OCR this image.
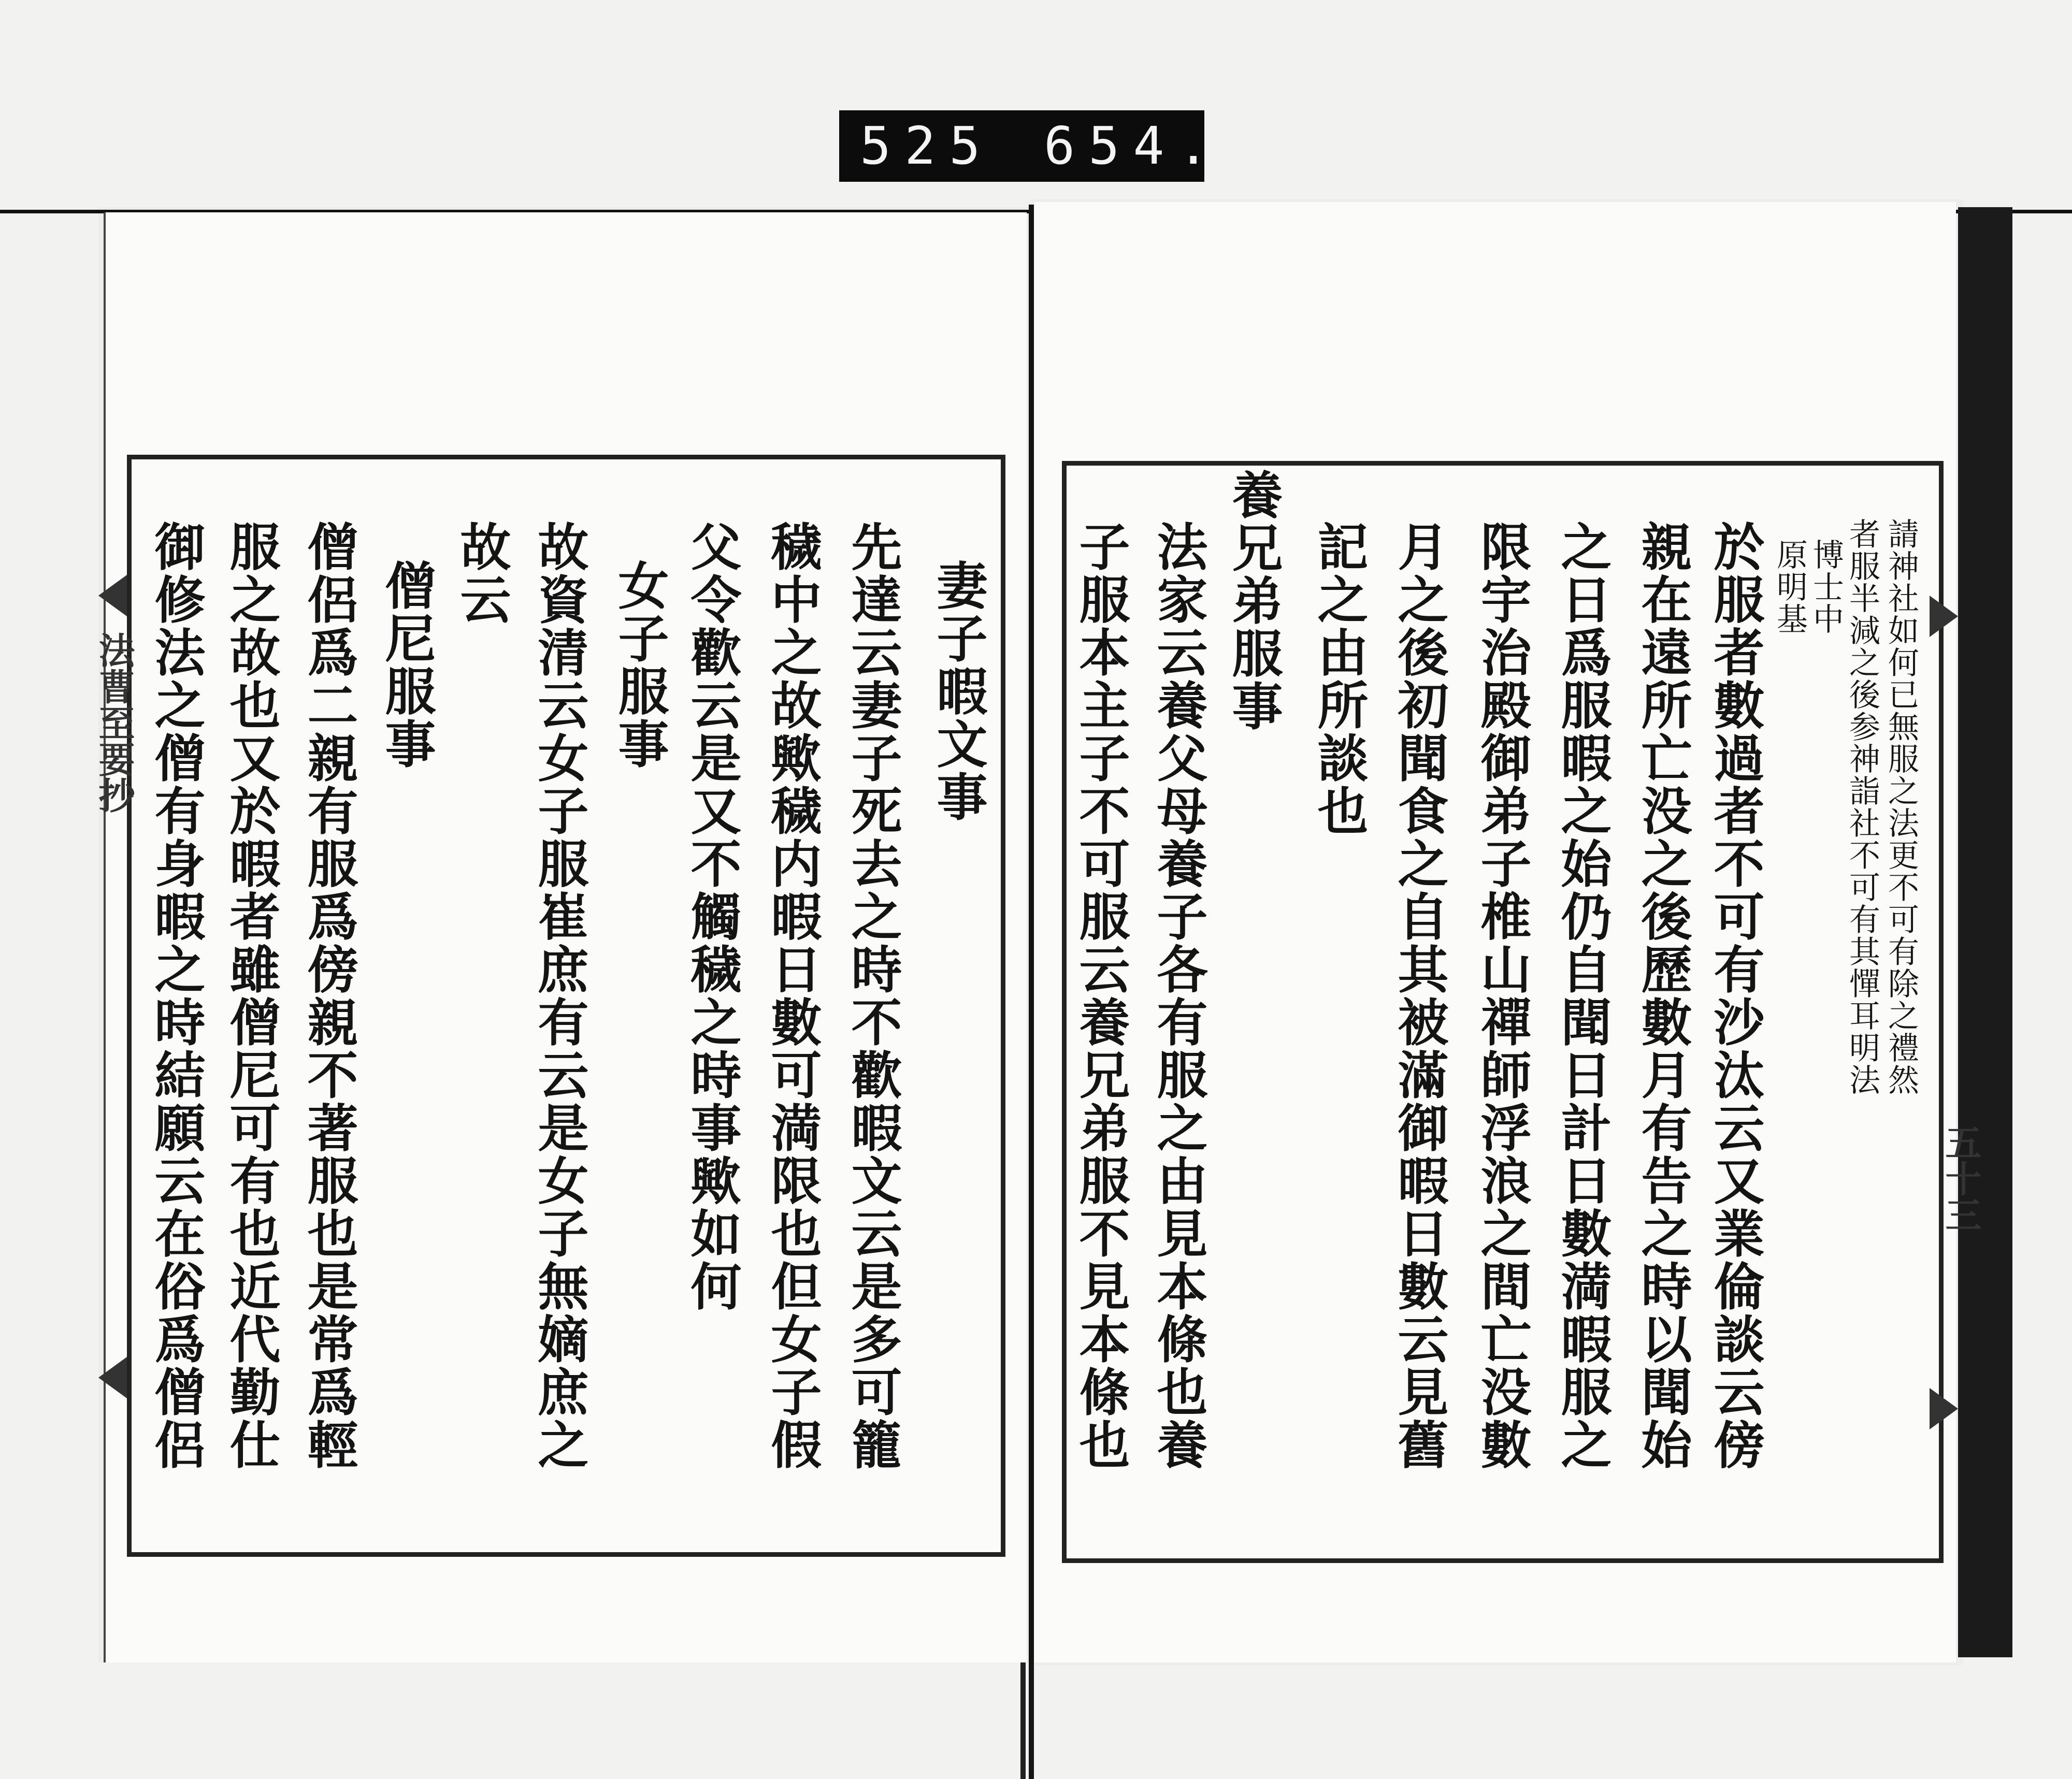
525 654.
法曹至要抄
五十三
請神社如何已無服之法更不可有除之禮然
者服半減之後参神詣社不可有其憚耳明法
博士中
原明基
於服者數過者不可有沙汰云又業倫談云傍
親在遠所亡没之後歷數月有告之時以聞始
之日爲服暇之始仍自聞日計日數満暇服之
限宇治殿御弟子椎山禪師浮浪之間亡没數
月之後初聞食之自其被滿御暇日數云見舊
記之由所談也
養兄弟服事
法家云養父母養子各有服之由見本條也養
子服本主子不可服云養兄弟服不見本條也
妻子暇文事
先達云妻子死去之時不歡暇文云是多可籠
穢中之故歟穢内暇日數可満限也但女子假
父令歡云是又不觸穢之時事歟如何
女子服事
故資清云女子服崔庶有云是女子無嫡庶之
故云
僧尼服事
僧侶爲二親有服爲傍親不著服也是常爲輕
服之故也又於暇者雖僧尼可有也近代勤仕
御修法之僧有身暇之時結願云在俗爲僧侶
